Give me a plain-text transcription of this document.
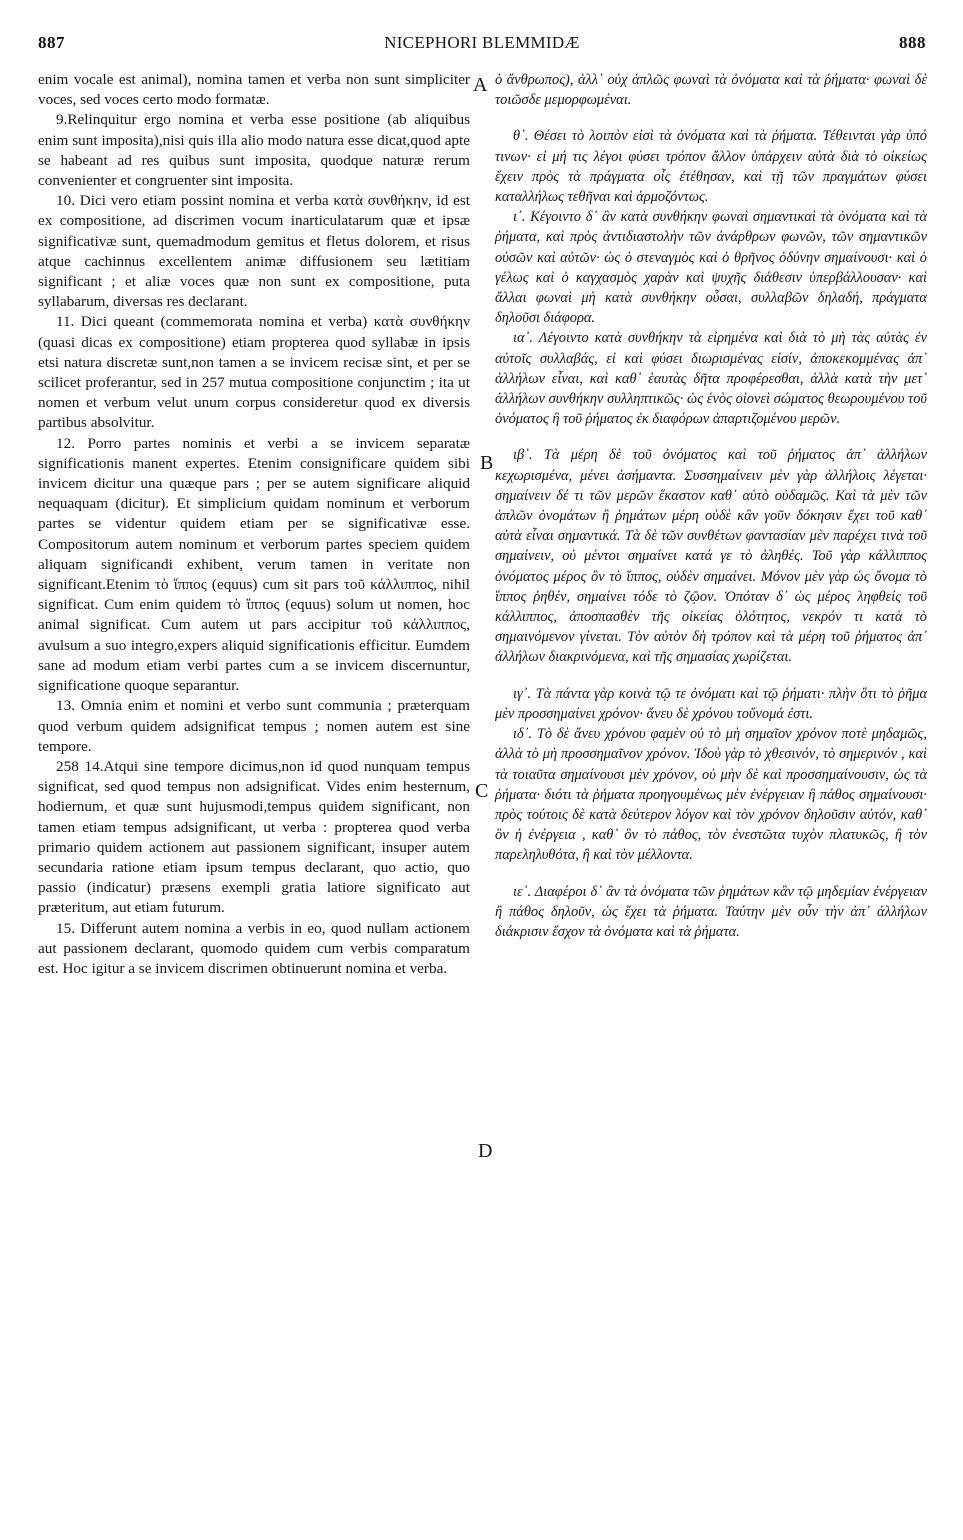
887	NICEPHORI BLEMMIDÆ	888
A
B
C
D

enim vocale est animal), nomina tamen et verba non sunt simpliciter voces, sed voces certo modo formatæ.

9.Relinquitur ergo nomina et verba esse positione (ab aliquibus enim sunt imposita),nisi quis illa alio modo natura esse dicat,quod apte se habeant ad res quibus sunt imposita, quodque naturæ rerum convenienter et congruenter sint imposita.

10. Dici vero etiam possint nomina et verba κατὰ συνθήκην, id est ex compositione, ad discrimen vocum inarticulatarum quæ et ipsæ significativæ sunt, quemadmodum gemitus et fletus dolorem, et risus atque cachinnus excellentem animæ diffusionem seu lætitiam significant ; et aliæ voces quæ non sunt ex compositione, puta syllabarum, diversas res declarant.

11. Dici queant (commemorata nomina et verba) κατὰ συνθήκην (quasi dicas ex compositione) etiam propterea quod syllabæ in ipsis etsi natura discretæ sunt,non tamen a se invicem recisæ sint, et per se scilicet proferantur, sed in 257 mutua compositione conjunctim ; ita ut nomen et verbum velut unum corpus consideretur quod ex diversis partibus absolvitur.

12. Porro partes nominis et verbi a se invicem separatæ significationis manent expertes. Etenim consignificare quidem sibi invicem dicitur una quæque pars ; per se autem significare aliquid nequaquam (dicitur). Et simplicium quidam nominum et verborum partes se videntur quidem etiam per se significativæ esse. Compositorum autem nominum et verborum partes speciem quidem aliquam significandi exhibent, verum tamen in veritate non significant.Etenim τὸ ἵππος (equus) cum sit pars τοῦ κάλλιππος, nihil significat. Cum enim quidem τὸ ἵππος (equus) solum ut nomen, hoc animal significat. Cum autem ut pars accipitur τοῦ κάλλιππος, avulsum a suo integro,expers aliquid significationis efficitur. Eumdem sane ad modum etiam verbi partes cum a se invicem discernuntur, significatione quoque separantur.

13. Omnia enim et nomini et verbo sunt communia ; præterquam quod verbum quidem adsignificat tempus ; nomen autem est sine tempore.

258 14.Atqui sine tempore dicimus,non id quod nunquam tempus significat, sed quod tempus non adsignificat. Vides enim hesternum, hodiernum, et quæ sunt hujusmodi,tempus quidem significant, non tamen etiam tempus adsignificant, ut verba : propterea quod verba primario quidem actionem aut passionem significant, insuper autem secundaria ratione etiam ipsum tempus declarant, quo actio, quo passio (indicatur) præsens exempli gratia latiore significato aut præteritum, aut etiam futurum.

15. Differunt autem nomina a verbis in eo, quod nullam actionem aut passionem declarant, quomodo quidem cum verbis comparatum est. Hoc igitur a se invicem discrimen obtinuerunt nomina et verba.

ὁ ἄνθρωπος), ἀλλ᾽ οὐχ ἁπλῶς φωναὶ τὰ ὀνόματα καὶ τὰ ῥήματα· φωναὶ δὲ τοιῶσδε μεμορφωμέναι.

θ᾽. Θέσει τὸ λοιπὸν εἰσὶ τὰ ὀνόματα καὶ τὰ ῥήματα. Τέθεινται γὰρ ὑπό τινων· εἰ μή τις λέγοι φύσει τρόπον ἄλλον ὑπάρχειν αὐτὰ διὰ τὸ οἰκείως ἔχειν πρὸς τὰ πράγματα οἷς ἐτέθησαν, καὶ τῇ τῶν πραγμάτων φύσει καταλλήλως τεθῆναι καὶ ἁρμοζόντως.

ι᾽. Κέγοιντο δ᾽ ἂν κατὰ συνθήκην φωναὶ σημαντικαὶ τὰ ὀνόματα καὶ τὰ ῥήματα, καὶ πρὸς ἀντιδιαστολὴν τῶν ἀνάρθρων φωνῶν, τῶν σημαντικῶν οὐσῶν καὶ αὐτῶν· ὡς ὁ στεναγμὸς καὶ ὁ θρῆνος ὀδύνην σημαίνουσι· καὶ ὁ γέλως καὶ ὁ καγχασμὸς χαρὰν καὶ ψυχῆς διάθεσιν ὑπερβάλλουσαν· καὶ ἄλλαι φωναὶ μὴ κατὰ συνθήκην οὖσαι, συλλαβῶν δηλαδή, πράγματα δηλοῦσι διάφορα.

ια᾽. Λέγοιντο κατὰ συνθήκην τὰ εἰρημένα καὶ διὰ τὸ μὴ τὰς αὐτὰς ἐν αὐτοῖς συλλαβάς, εἰ καὶ φύσει διωρισμένας εἰσίν, ἀποκεκομμένας ἀπ᾽ ἀλλήλων εἶναι, καὶ καθ᾽ ἑαυτὰς δῆτα προφέρεσθαι, ἀλλὰ κατὰ τὴν μετ᾽ ἀλλήλων συνθήκην συλληπτικῶς· ὡς ἑνὸς οἱονεὶ σώματος θεωρουμένου τοῦ ὀνόματος ἢ τοῦ ῥήματος ἐκ διαφόρων ἀπαρτιζομένου μερῶν.

ιβ᾽. Τὰ μέρη δὲ τοῦ ὀνόματος καὶ τοῦ ῥήματος ἀπ᾽ ἀλλήλων κεχωρισμένα, μένει ἀσήμαντα. Συσσημαίνειν μὲν γὰρ ἀλλήλοις λέγεται· σημαίνειν δέ τι τῶν μερῶν ἕκαστον καθ᾽ αὑτὸ οὐδαμῶς. Καὶ τὰ μὲν τῶν ἁπλῶν ὀνομάτων ἢ ῥημάτων μέρη οὐδὲ κἂν γοῦν δόκησιν ἔχει τοῦ καθ᾽ αὑτὰ εἶναι σημαντικά. Τὰ δὲ τῶν συνθέτων φαντασίαν μὲν παρέχει τινὰ τοῦ σημαίνειν, οὐ μέντοι σημαίνει κατά γε τὸ ἀληθές. Τοῦ γὰρ κάλλιππος ὀνόματος μέρος ὂν τὸ ἵππος, οὐδὲν σημαίνει. Μόνον μὲν γὰρ ὡς ὄνομα τὸ ἵππος ῥηθέν, σημαίνει τόδε τὸ ζῷον. Ὁπόταν δ᾽ ὡς μέρος ληφθείς τοῦ κάλλιππος, ἀποσπασθὲν τῆς οἰκείας ὁλότητος, νεκρόν τι κατὰ τὸ σημαινόμενον γίνεται. Τὸν αὐτὸν δὴ τρόπον καὶ τὰ μέρη τοῦ ῥήματος ἀπ᾽ ἀλλήλων διακρινόμενα, καὶ τῆς σημασίας χωρίζεται.

ιγ᾽. Τὰ πάντα γὰρ κοινὰ τῷ τε ὀνόματι καὶ τῷ ῥήματι· πλὴν ὅτι τὸ ῥῆμα μὲν προσσημαίνει χρόνον· ἄνευ δὲ χρόνου τοὔνομά ἐστι.

ιδ᾽. Τὸ δὲ ἄνευ χρόνου φαμὲν οὐ τὸ μὴ σημαῖον χρόνον ποτὲ μηδαμῶς, ἀλλὰ τὸ μὴ προσσημαῖνον χρόνον. Ἰδοὺ γὰρ τὸ χθεσινόν, τὸ σημερινόν , καὶ τὰ τοιαῦτα σημαίνουσι μὲν χρόνον, οὐ μὴν δὲ καὶ προσσημαίνουσιν, ὡς τὰ ῥήματα· διότι τὰ ῥήματα προηγουμένως μὲν ἐνέργειαν ἢ πάθος σημαίνουσι· πρὸς τούτοις δὲ κατὰ δεύτερον λόγον καὶ τὸν χρόνον δηλοῦσιν αὐτόν, καθ᾽ ὃν ἡ ἐνέργεια , καθ᾽ ὃν τὸ πάθος, τὸν ἐνεστῶτα τυχὸν πλατυκῶς, ἢ τὸν παρεληλυθότα, ἢ καὶ τὸν μέλλοντα.

ιε᾽. Διαφέροι δ᾽ ἂν τὰ ὀνόματα τῶν ῥημάτων κἂν τῷ μηδεμίαν ἐνέργειαν ἢ πάθος δηλοῦν, ὡς ἔχει τὰ ῥήματα. Ταύτην μὲν οὖν τὴν ἀπ᾽ ἀλλήλων διάκρισιν ἔσχον τὰ ὀνόματα καὶ τὰ ῥήματα.
